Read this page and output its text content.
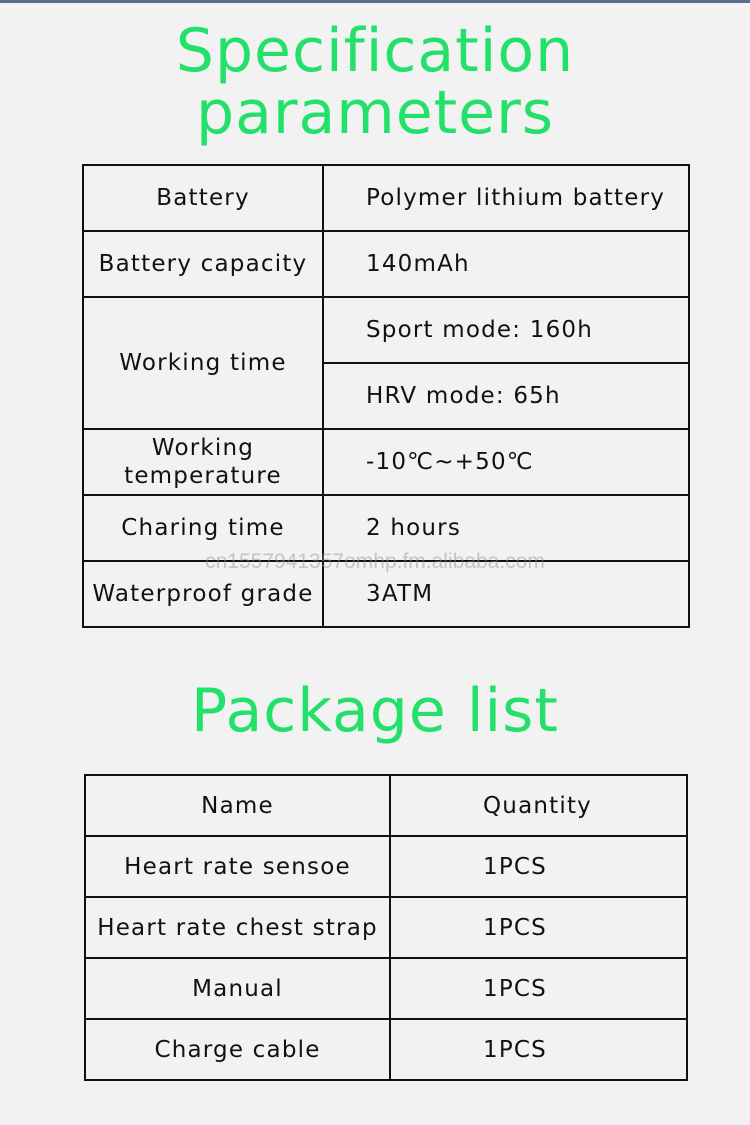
Specification
parameters
Battery	Polymer lithium battery
Battery capacity	140mAh
Working time	Sport mode: 160h
	HRV mode: 65h

Working
temperature	-10℃~+50℃
Charing time	2 hours
Waterproof grade	3ATM
cn1557941357omhp.fm.alibaba.com
Package list
Name	Quantity
Heart rate sensoe	1PCS
Heart rate chest strap	1PCS
Manual	1PCS
Charge cable	1PCS
